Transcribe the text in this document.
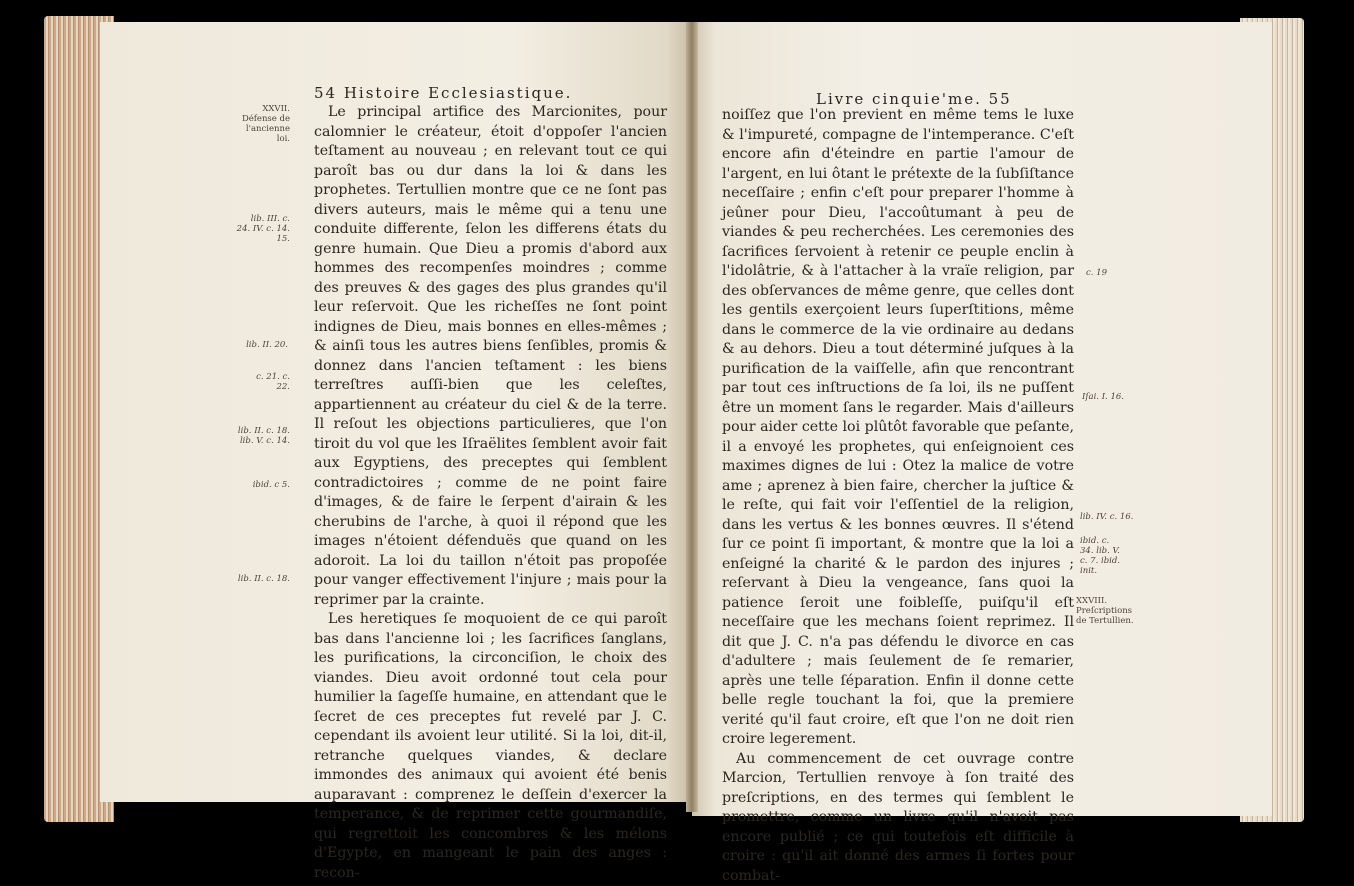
54 Histoire Ecclesiastique.
XXVII. Défense de l'ancienne loi.
lib. III. c. 24. IV. c. 14. 15.
lib. II. 20.
c. 21. c. 22.
lib. II. c. 18. lib. V. c. 14.
ibid. c 5.
lib. II. c. 18.

Le principal artifice des Marcionites, pour calomnier le créateur, étoit d'oppoſer l'ancien teſtament au nouveau ; en relevant tout ce qui paroît bas ou dur dans la loi & dans les prophetes. Tertullien montre que ce ne ſont pas divers auteurs, mais le même qui a tenu une conduite differente, ſelon les differens états du genre humain. Que Dieu a promis d'abord aux hommes des recompenſes moindres ; comme des preuves & des gages des plus grandes qu'il leur reſervoit. Que les richeſſes ne ſont point indignes de Dieu, mais bonnes en elles-mêmes ; & ainſi tous les autres biens ſenſibles, promis & donnez dans l'ancien teſtament : les biens terreſtres auſſi-bien que les celeſtes, appartiennent au créateur du ciel & de la terre. Il reſout les objections particulieres, que l'on tiroit du vol que les Iſraëlites ſemblent avoir fait aux Egyptiens, des preceptes qui ſemblent contradictoires ; comme de ne point faire d'images, & de faire le ſerpent d'airain & les cherubins de l'arche, à quoi il répond que les images n'étoient défenduës que quand on les adoroit. La loi du taillon n'étoit pas propoſée pour vanger effectivement l'injure ; mais pour la reprimer par la crainte.

Les heretiques ſe moquoient de ce qui paroît bas dans l'ancienne loi ; les ſacrifices ſanglans, les purifications, la circonciſion, le choix des viandes. Dieu avoit ordonné tout cela pour humilier la ſageſſe humaine, en attendant que le ſecret de ces preceptes fut revelé par J. C. cependant ils avoient leur utilité. Si la loi, dit-il, retranche quelques viandes, & declare immondes des animaux qui avoient été benis auparavant : comprenez le deſſein d'exercer la temperance, & de reprimer cette gourmandiſe, qui regrettoit les concombres & les mélons d'Egypte, en mangeant le pain des anges : recon-

Livre cinquie'me. 55
c. 19
Iſai. I. 16.
lib. IV. c. 16.
ibid. c. 34. lib. V. c. 7. ibid. init.
XXVIII. Preſcriptions de Tertullien.

noiſſez que l'on previent en même tems le luxe & l'impureté, compagne de l'intemperance. C'eſt encore afin d'éteindre en partie l'amour de l'argent, en lui ôtant le prétexte de la ſubſiſtance neceſſaire ; enfin c'eſt pour preparer l'homme à jeûner pour Dieu, l'accoûtumant à peu de viandes & peu recherchées. Les ceremonies des ſacrifices ſervoient à retenir ce peuple enclin à l'idolâtrie, & à l'attacher à la vraïe religion, par des obſervances de même genre, que celles dont les gentils exerçoient leurs ſuperſtitions, même dans le commerce de la vie ordinaire au dedans & au dehors. Dieu a tout déterminé juſques à la purification de la vaiſſelle, afin que rencontrant par tout ces inſtructions de ſa loi, ils ne puſſent être un moment ſans le regarder. Mais d'ailleurs pour aider cette loi plûtôt favorable que peſante, il a envoyé les prophetes, qui enſeignoient ces maximes dignes de lui : Otez la malice de votre ame ; aprenez à bien faire, chercher la juſtice & le reſte, qui fait voir l'eſſentiel de la religion, dans les vertus & les bonnes œuvres. Il s'étend ſur ce point ſi important, & montre que la loi a enſeigné la charité & le pardon des injures ; reſervant à Dieu la vengeance, ſans quoi la patience ſeroit une foibleſſe, puiſqu'il eſt neceſſaire que les mechans ſoient reprimez. Il dit que J. C. n'a pas défendu le divorce en cas d'adultere ; mais ſeulement de ſe remarier, après une telle ſéparation. Enfin il donne cette belle regle touchant la foi, que la premiere verité qu'il faut croire, eſt que l'on ne doit rien croire legerement.

Au commencement de cet ouvrage contre Marcion, Tertullien renvoye à ſon traité des preſcriptions, en des termes qui ſemblent le promettre, comme un livre qu'il n'avoit pas encore publié ; ce qui toutefois eſt difficile à croire : qu'il ait donné des armes ſi fortes pour combat-
